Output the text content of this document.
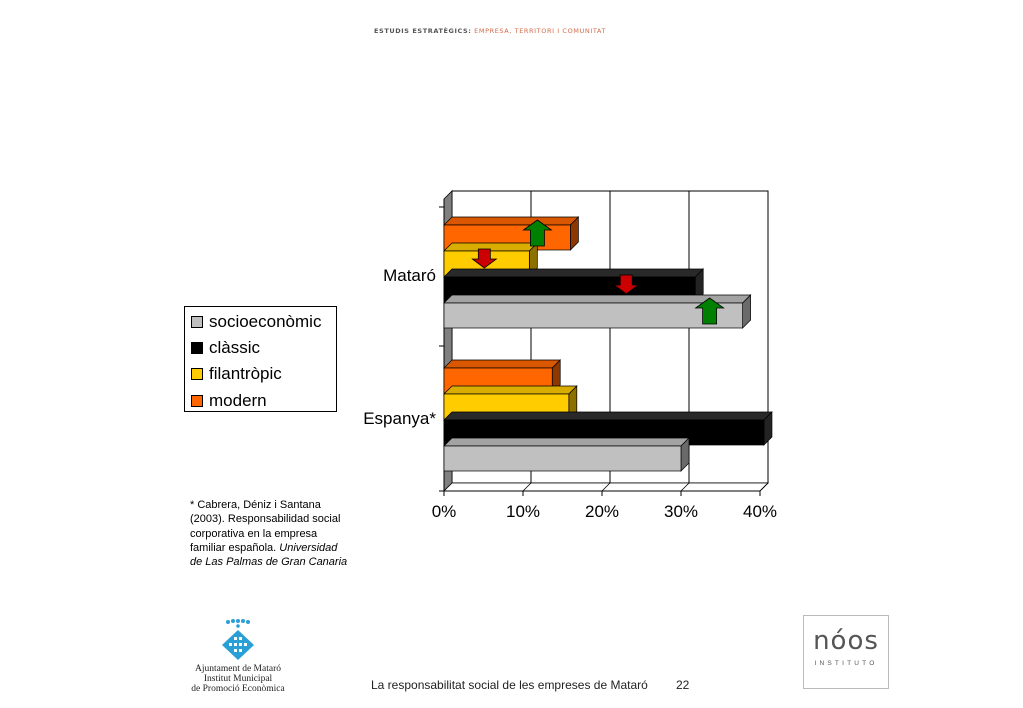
ESTUDIS ESTRATÈGICS: EMPRESA, TERRITORI I COMUNITAT
0%	10%	20%	30%	40%
Mataró
Espanya*
socioeconòmic
clàssic
filantròpic
modern
* Cabrera, Déniz i Santana (2003). Responsabilidad social corporativa en la empresa familiar española. Universidad de Las Palmas de Gran Canaria
Ajuntament de Mataró
Institut Municipal
de Promoció Econòmica
nóos
INSTITUTO
La responsabilitat social de les empreses de Mataró 22
